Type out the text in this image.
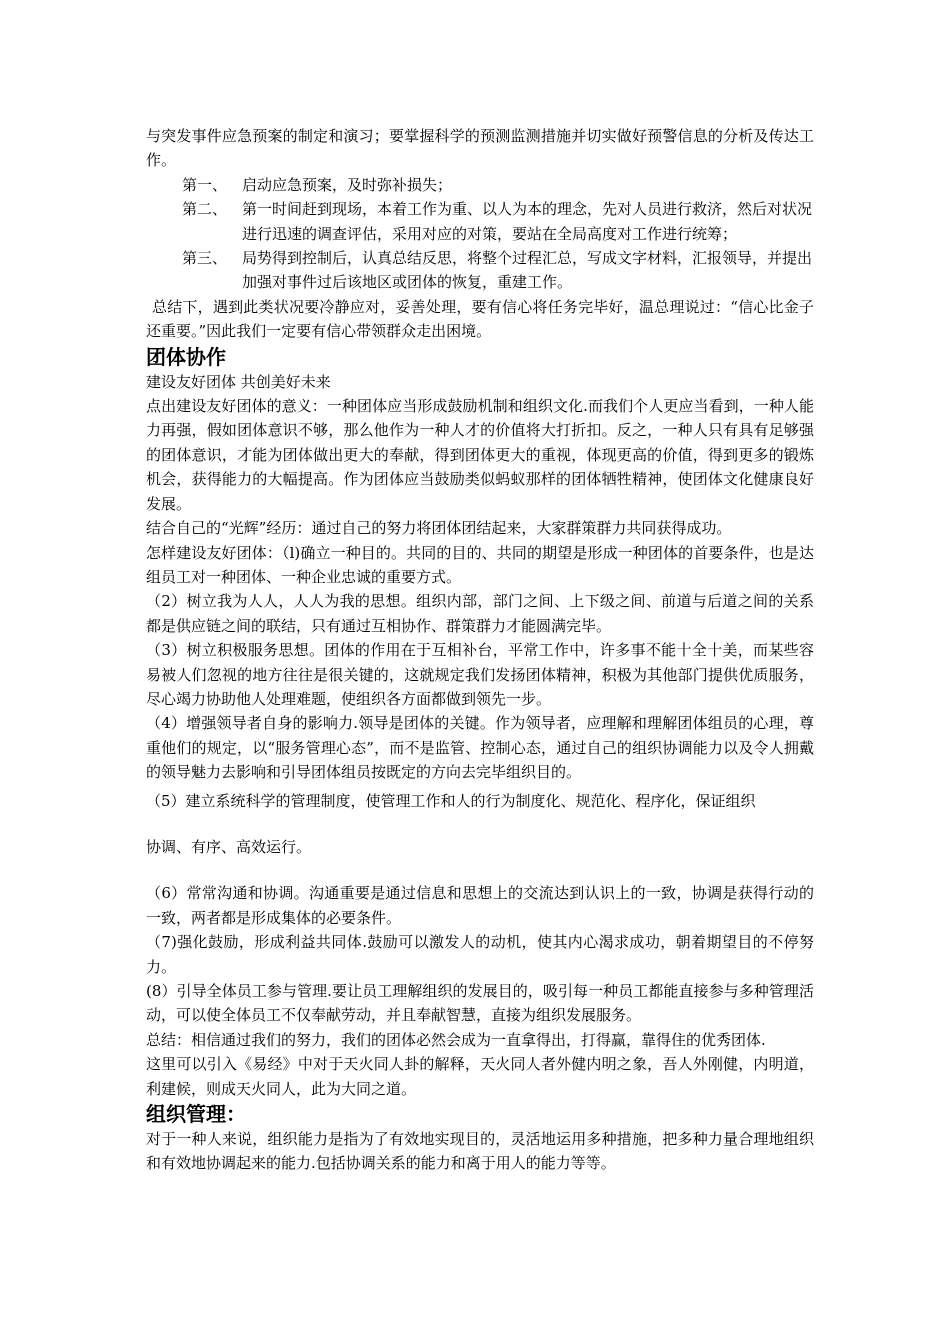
与突发事件应急预案的制定和演习；要掌握科学的预测监测措施并切实做好预警信息的分析及传达工作。

第一、 启动应急预案，及时弥补损失；
第二、 第一时间赶到现场，本着工作为重、以人为本的理念，先对人员进行救济，然后对状况进行迅速的调查评估，采用对应的对策，要站在全局高度对工作进行统筹；
第三、 局势得到控制后，认真总结反思，将整个过程汇总，写成文字材料，汇报领导，并提出加强对事件过后该地区或团体的恢复，重建工作。

总结下，遇到此类状况要冷静应对，妥善处理，要有信心将任务完毕好，温总理说过：“信心比金子还重要。”因此我们一定要有信心带领群众走出困境。

团体协作

建设友好团体 共创美好未来

点出建设友好团体的意义：一种团体应当形成鼓励机制和组织文化.而我们个人更应当看到，一种人能力再强，假如团体意识不够，那么他作为一种人才的价值将大打折扣。反之，一种人只有具有足够强的团体意识，才能为团体做出更大的奉献，得到团体更大的重视，体现更高的价值，得到更多的锻炼机会，获得能力的大幅提高。作为团体应当鼓励类似蚂蚁那样的团体牺牲精神，使团体文化健康良好发展。

结合自己的“光辉”经历：通过自己的努力将团体团结起来，大家群策群力共同获得成功。

怎样建设友好团体：（l)确立一种目的。共同的目的、共同的期望是形成一种团体的首要条件，也是达组员工对一种团体、一种企业忠诚的重要方式。

（2）树立我为人人，人人为我的思想。组织内部，部门之间、上下级之间、前道与后道之间的关系都是供应链之间的联结，只有通过互相协作、群策群力才能圆满完毕。

（3）树立积极服务思想。团体的作用在于互相补台，平常工作中，许多事不能十全十美，而某些容易被人们忽视的地方往往是很关键的，这就规定我们发扬团体精神，积极为其他部门提供优质服务，尽心竭力协助他人处理难题，使组织各方面都做到领先一步。

（4）增强领导者自身的影响力.领导是团体的关键。作为领导者，应理解和理解团体组员的心理，尊重他们的规定，以“服务管理心态”，而不是监管、控制心态，通过自己的组织协调能力以及令人拥戴的领导魅力去影响和引导团体组员按既定的方向去完毕组织目的。

（5）建立系统科学的管理制度，使管理工作和人的行为制度化、规范化、程序化，保证组织

协调、有序、高效运行。

（6）常常沟通和协调。沟通重要是通过信息和思想上的交流达到认识上的一致，协调是获得行动的一致，两者都是形成集体的必要条件。

（7)强化鼓励，形成利益共同体.鼓励可以激发人的动机，使其内心渴求成功，朝着期望目的不停努力。

(8）引导全体员工参与管理.要让员工理解组织的发展目的，吸引每一种员工都能直接参与多种管理活动，可以使全体员工不仅奉献劳动，并且奉献智慧，直接为组织发展服务。

总结：相信通过我们的努力，我们的团体必然会成为一直拿得出，打得赢，靠得住的优秀团体.

这里可以引入《易经》中对于天火同人卦的解释，天火同人者外健内明之象，吾人外刚健，内明道，利建候，则成天火同人，此为大同之道。

组织管理：

对于一种人来说，组织能力是指为了有效地实现目的，灵活地运用多种措施，把多种力量合理地组织和有效地协调起来的能力.包括协调关系的能力和离于用人的能力等等。
